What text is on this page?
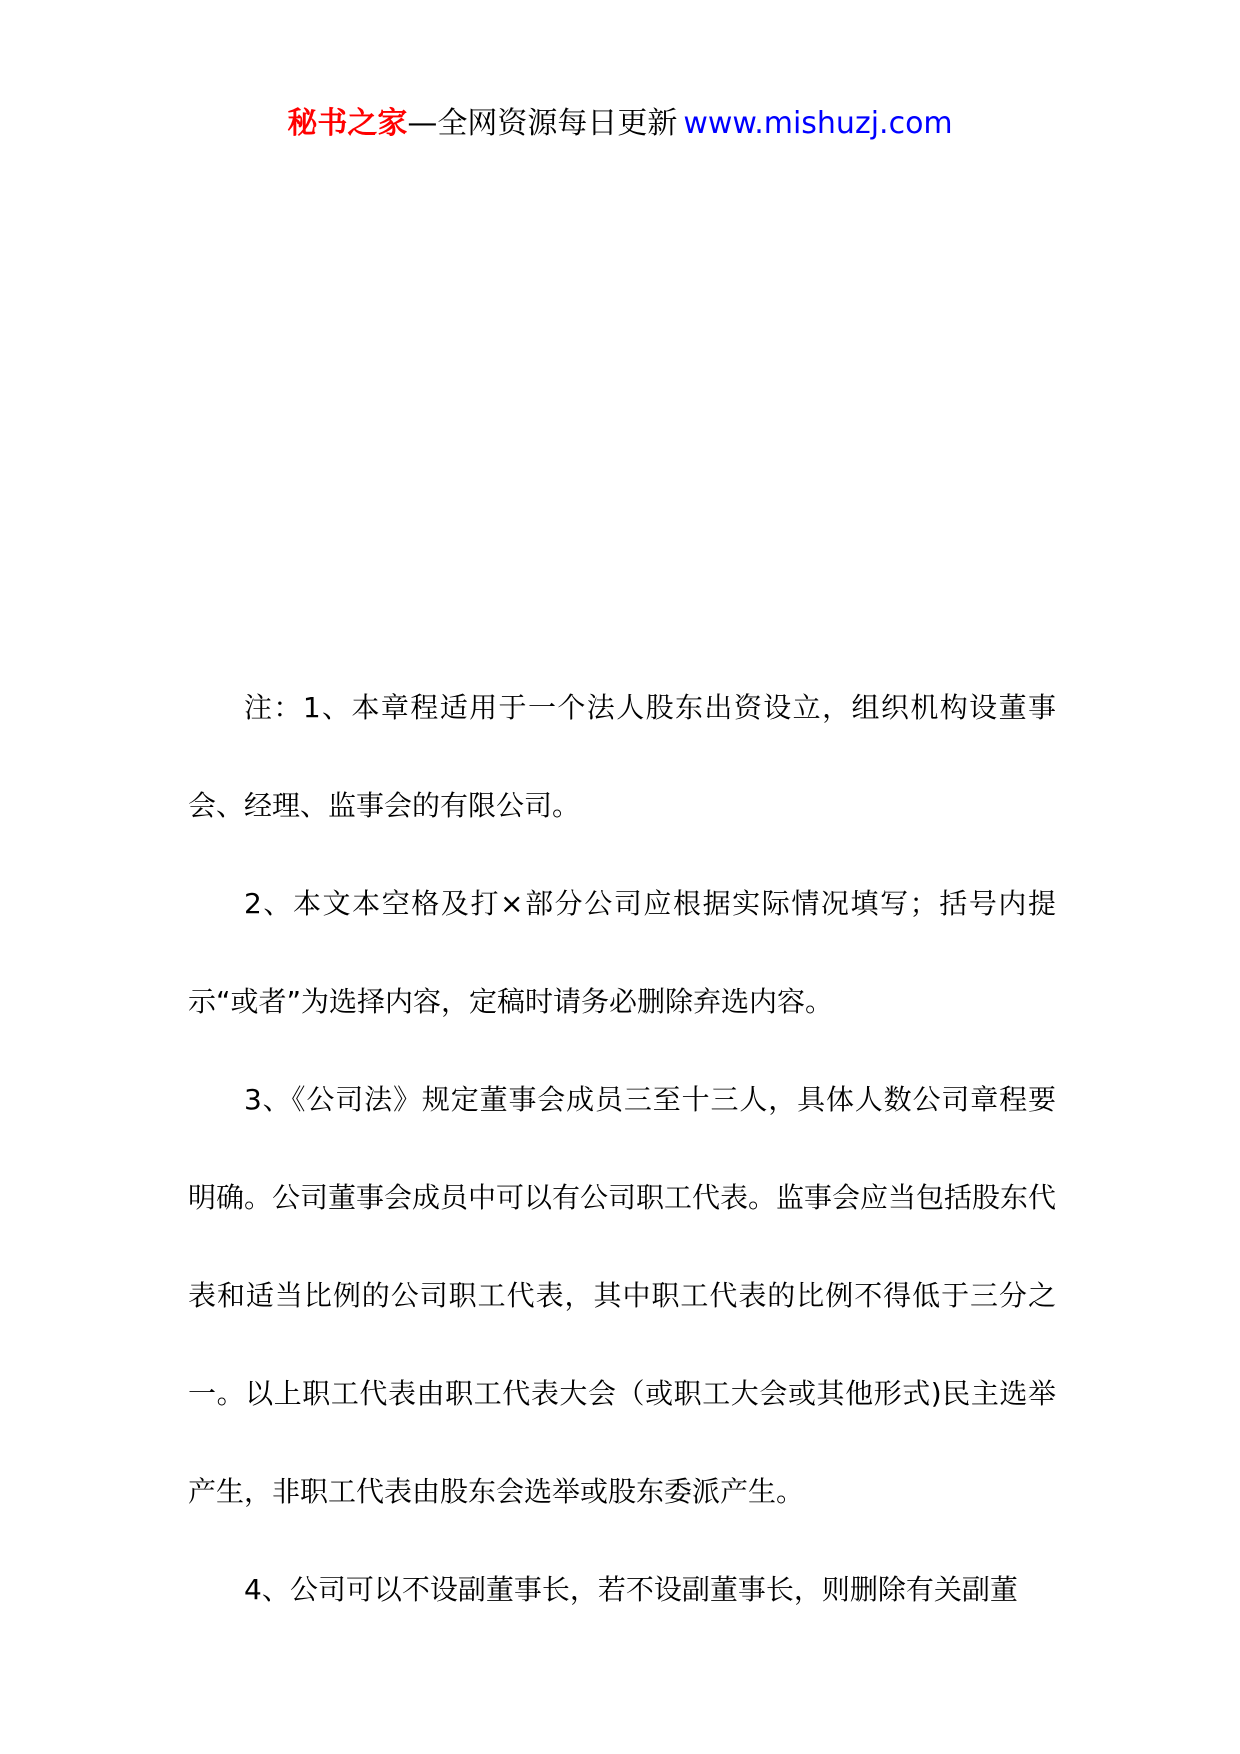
秘书之家—全网资源每日更新 www.mishuzj.com

注：1、本章程适用于一个法人股东出资设立，组织机构设董事会、经理、监事会的有限公司。

2、本文本空格及打×部分公司应根据实际情况填写；括号内提示“或者”为选择内容，定稿时请务必删除弃选内容。

3、《公司法》规定董事会成员三至十三人，具体人数公司章程要明确。公司董事会成员中可以有公司职工代表。监事会应当包括股东代表和适当比例的公司职工代表，其中职工代表的比例不得低于三分之一。以上职工代表由职工代表大会（或职工大会或其他形式)民主选举产生，非职工代表由股东会选举或股东委派产生。

4、公司可以不设副董事长，若不设副董事长，则删除有关副董
